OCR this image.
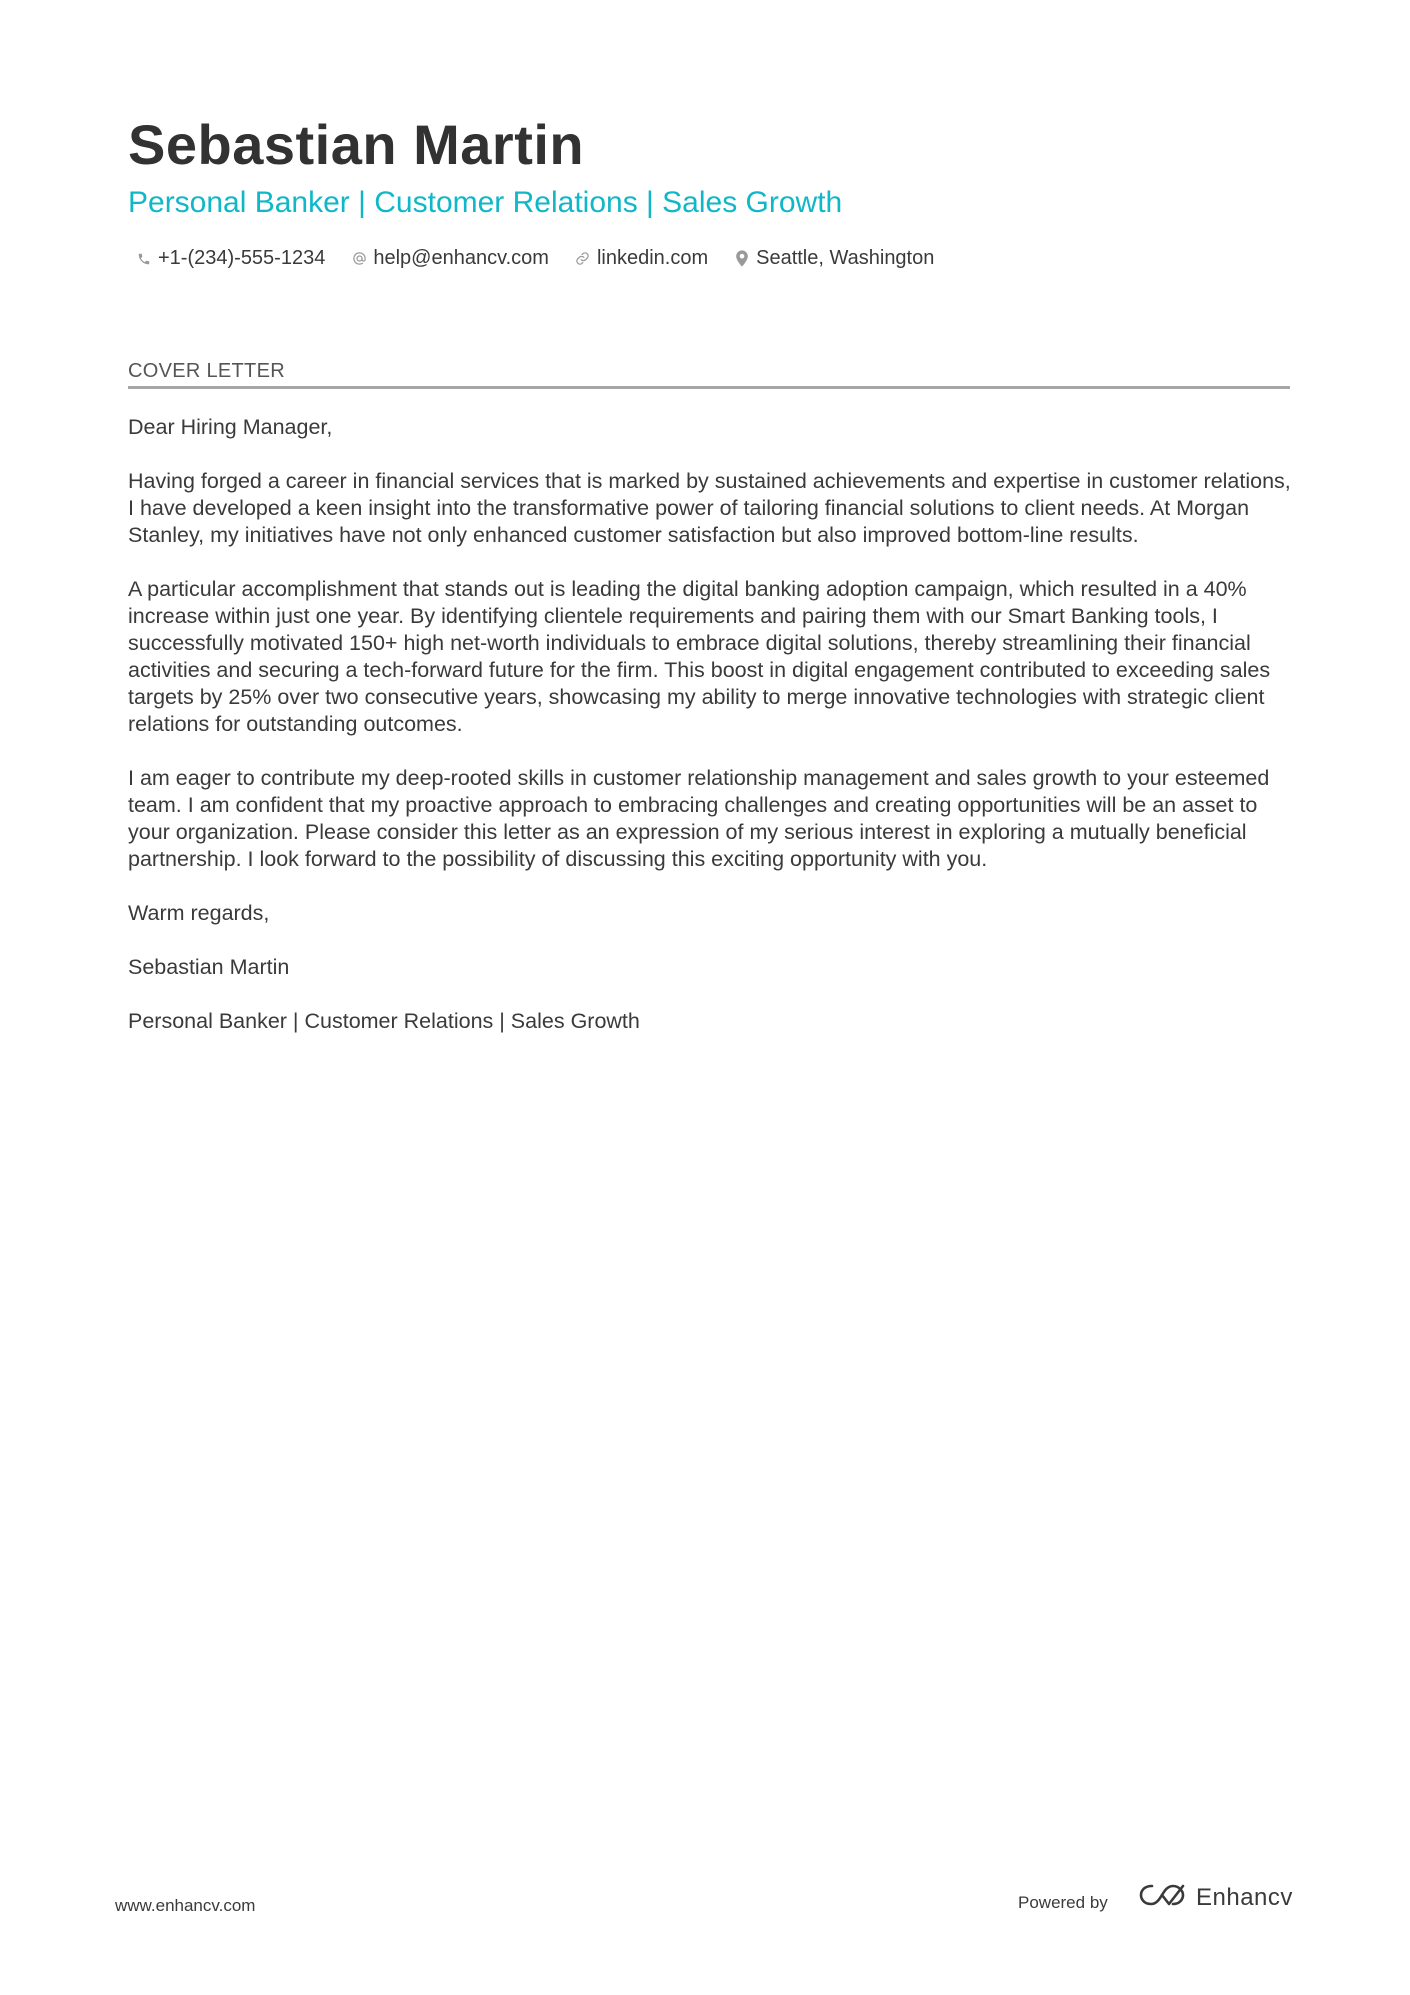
Sebastian Martin
Personal Banker | Customer Relations | Sales Growth
+1-(234)-555-1234 help@enhancv.com linkedin.com Seattle, Washington
COVER LETTER

Dear Hiring Manager,

Having forged a career in financial services that is marked by sustained achievements and expertise in customer relations, I have developed a keen insight into the transformative power of tailoring financial solutions to client needs. At Morgan Stanley, my initiatives have not only enhanced customer satisfaction but also improved bottom-line results.

A particular accomplishment that stands out is leading the digital banking adoption campaign, which resulted in a 40% increase within just one year. By identifying clientele requirements and pairing them with our Smart Banking tools, I successfully motivated 150+ high net-worth individuals to embrace digital solutions, thereby streamlining their financial activities and securing a tech-forward future for the firm. This boost in digital engagement contributed to exceeding sales targets by 25% over two consecutive years, showcasing my ability to merge innovative technologies with strategic client relations for outstanding outcomes.

I am eager to contribute my deep-rooted skills in customer relationship management and sales growth to your esteemed team. I am confident that my proactive approach to embracing challenges and creating opportunities will be an asset to your organization. Please consider this letter as an expression of my serious interest in exploring a mutually beneficial partnership. I look forward to the possibility of discussing this exciting opportunity with you.

Warm regards,

Sebastian Martin

Personal Banker | Customer Relations | Sales Growth

www.enhancv.com	Powered by	Enhancv
